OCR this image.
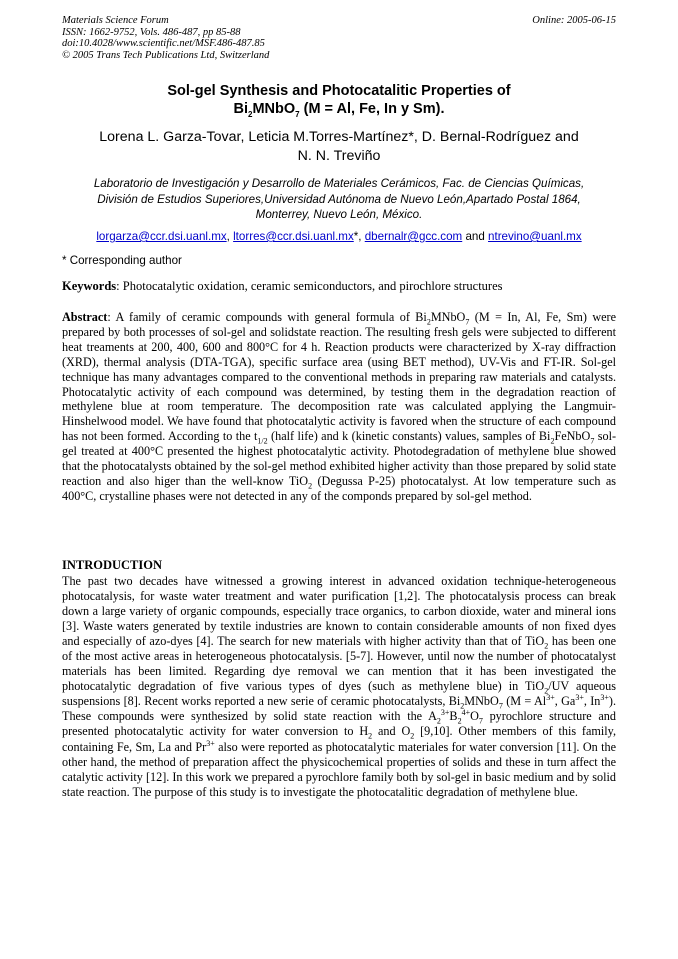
Materials Science Forum
ISSN: 1662-9752, Vols. 486-487, pp 85-88
doi:10.4028/www.scientific.net/MSF.486-487.85
© 2005 Trans Tech Publications Ltd, Switzerland
Online: 2005-06-15
Sol-gel Synthesis and Photocatalitic Properties of
$Bi_2MNbO_7$ (M = Al, Fe, In y Sm).
Lorena L. Garza-Tovar, Leticia M.Torres-Martínez*, D. Bernal-Rodríguez and
N. N. Treviño
Laboratorio de Investigación y Desarrollo de Materiales Cerámicos, Fac. de Ciencias Químicas,
División de Estudios Superiores,Universidad Autónoma de Nuevo León,Apartado Postal 1864,
Monterrey, Nuevo León, México.
lorgarza@ccr.dsi.uanl.mx, ltorres@ccr.dsi.uanl.mx*, dbernalr@gcc.com and ntrevino@uanl.mx
* Corresponding author
Keywords: Photocatalytic oxidation, ceramic semiconductors, and pirochlore structures
Abstract: A family of ceramic compounds with general formula of $Bi_2MNbO_7$ (M = In, Al, Fe, Sm) were prepared by both processes of sol-gel and solidstate reaction. The resulting fresh gels were subjected to different heat treaments at 200, 400, 600 and 800°C for 4 h. Reaction products were characterized by X-ray diffraction (XRD), thermal analysis (DTA-TGA), specific surface area (using BET method), UV-Vis and FT-IR. Sol-gel technique has many advantages compared to the conventional methods in preparing raw materials and catalysts. Photocatalytic activity of each compound was determined, by testing them in the degradation reaction of methylene blue at room temperature. The decomposition rate was calculated applying the Langmuir-Hinshelwood model. We have found that photocatalytic activity is favored when the structure of each compound has not been formed. According to the $t_{1/2}$ (half life) and k (kinetic constants) values, samples of $Bi_2FeNbO_7$ sol-gel treated at 400°C presented the highest photocatalytic activity. Photodegradation of methylene blue showed that the photocatalysts obtained by the sol-gel method exhibited higher activity than those prepared by solid state reaction and also higer than the well-know TiO$_2$ (Degussa P-25) photocatalyst. At low temperature such as 400°C, crystalline phases were not detected in any of the componds prepared by sol-gel method.
INTRODUCTION
The past two decades have witnessed a growing interest in advanced oxidation technique-heterogeneous photocatalysis, for waste water treatment and water purification [1,2]. The photocatalysis process can break down a large variety of organic compounds, especially trace organics, to carbon dioxide, water and mineral ions [3]. Waste waters generated by textile industries are known to contain considerable amounts of non fixed dyes and especially of azo-dyes [4]. The search for new materials with higher activity than that of TiO$_2$ has been one of the most active areas in heterogeneous photocatalysis. [5-7]. However, until now the number of photocatalyst materials has been limited. Regarding dye removal we can mention that it has been investigated the photocatalytic degradation of five various types of dyes (such as methylene blue) in TiO$_2$/UV aqueous suspensions [8]. Recent works reported a new serie of ceramic photocatalysts, $Bi_2MNbO_7$ ($M = Al^{3+}$, $Ga^{3+}$, $In^{3+}$). These compounds were synthesized by solid state reaction with the $A_2^{3+}B_2^{4+}O_7$ pyrochlore structure and presented photocatalytic activity for water conversion to $H_2$ and $O_2$ [9,10]. Other members of this family, containing Fe, Sm, La and $Pr^{3+}$ also were reported as photocatalytic materiales for water conversion [11]. On the other hand, the method of preparation affect the physicochemical properties of solids and these in turn affect the catalytic activity [12]. In this work we prepared a pyrochlore family both by sol-gel in basic medium and by solid state reaction. The purpose of this study is to investigate the photocatalitic degradation of methylene blue.
